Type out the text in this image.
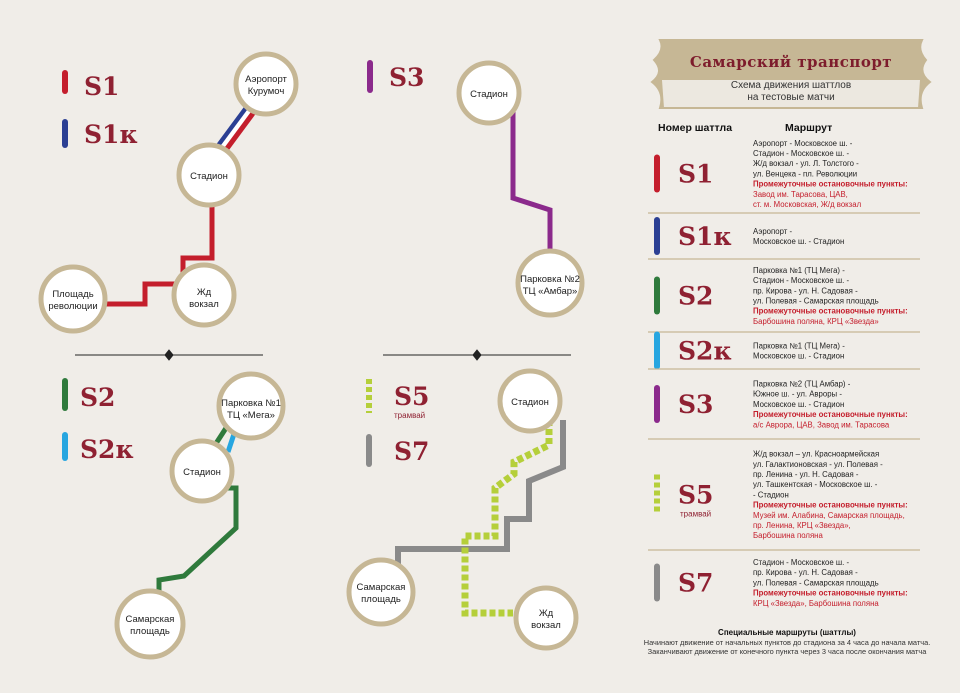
S1
S1к
Аэропорт
Курумоч
Стадион
Жд
вокзал
Площадь
революции
S3
Стадион
Парковка №2
ТЦ «Амбар»
S2
S2к
Парковка №1
ТЦ «Мега»
Стадион
Самарская
площадь
S5
трамвай
S7
Стадион
Самарская
площадь
Жд
вокзал
Самарский транспорт
Схема движения шаттлов
на тестовые матчи
Номер шаттла	Маршрут
S1
Аэропорт - Московское ш. -
Стадион - Московское ш. -
Ж/д вокзал - ул. Л. Толстого -
ул. Венцека - пл. Революции
Промежуточные остановочные пункты:
Завод им. Тарасова, ЦАВ,
ст. м. Московская, Ж/д вокзал
S1к	Аэропорт -
Московское ш. - Стадион
S2
Парковка №1 (ТЦ Мега) -
Стадион - Московское ш. -
пр. Кирова - ул. Н. Садовая -
ул. Полевая - Самарская площадь
Промежуточные остановочные пункты:
Барбошина поляна, КРЦ «Звезда»
S2к	Парковка №1 (ТЦ Мега) -
Московское ш. - Стадион
S3
Парковка №2 (ТЦ Амбар) -
Южное ш. - ул. Авроры -
Московское ш. - Стадион
Промежуточные остановочные пункты:
а/с Аврора, ЦАВ, Завод им. Тарасова
S5
трамвай
Ж/д вокзал – ул. Красноармейская
ул. Галактионовская - ул. Полевая -
пр. Ленина - ул. Н. Садовая -
ул. Ташкентская - Московское ш. -
- Стадион
Промежуточные остановочные пункты:
Музей им. Алабина, Самарская площадь,
пр. Ленина, КРЦ «Звезда»,
Барбошина поляна
S7
Стадион - Московское ш. -
пр. Кирова - ул. Н. Садовая -
ул. Полевая - Самарская площадь
Промежуточные остановочные пункты:
КРЦ «Звезда», Барбошина поляна
Специальные маршруты (шаттлы)
Начинают движение от начальных пунктов до стадиона за 4 часа до начала матча.
Заканчивают движение от конечного пункта через 3 часа после окончания матча
